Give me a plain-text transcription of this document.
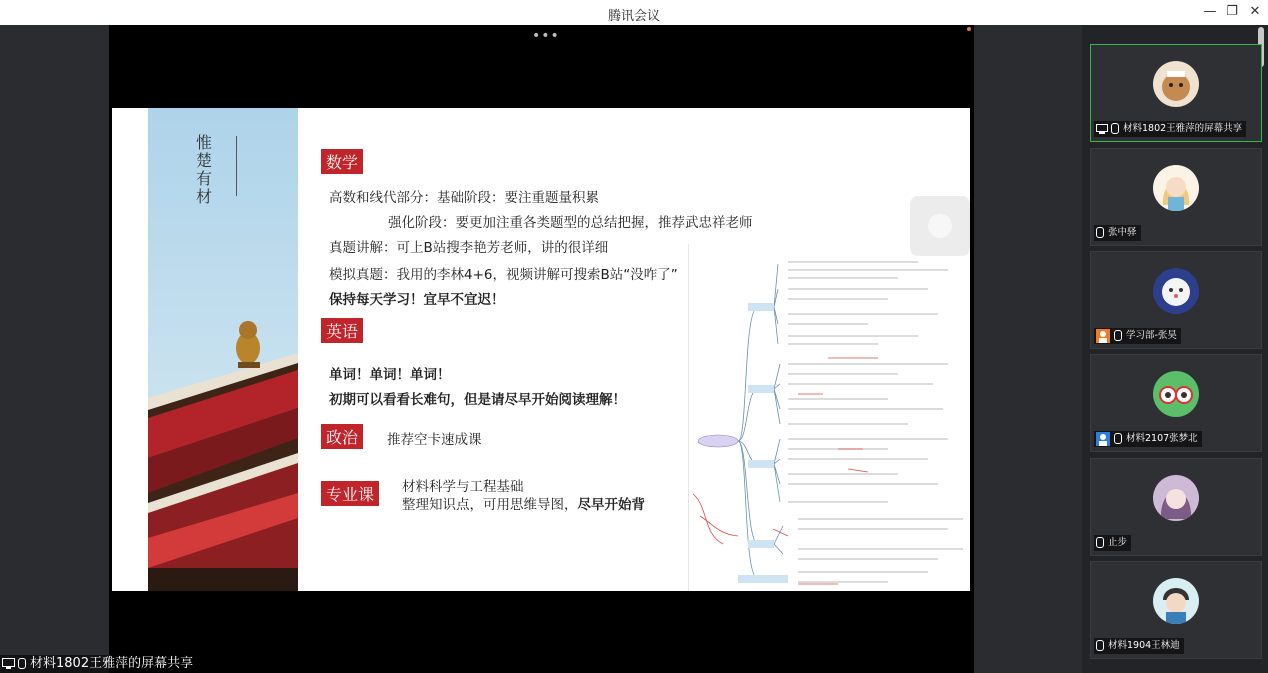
腾讯会议	— ❐ ✕
•••
惟
楚
有
材
数学
高数和线代部分：基础阶段：要注重题量积累
强化阶段：要更加注重各类题型的总结把握，推荐武忠祥老师
真题讲解：可上B站搜李艳芳老师，讲的很详细
模拟真题：我用的李林4+6，视频讲解可搜索B站“没咋了”
保持每天学习！宜早不宜迟！
英语
单词！单词！单词！
初期可以看看长难句，但是请尽早开始阅读理解！
政治	推荐空卡速成课
专业课	材料科学与工程基础
整理知识点，可用思维导图，尽早开始背
材料1802王雅萍的屏幕共享
材料1802王雅萍的屏幕共享
张中驿
学习部-张昊
材料2107张梦北
止步
材料1904王林迪
